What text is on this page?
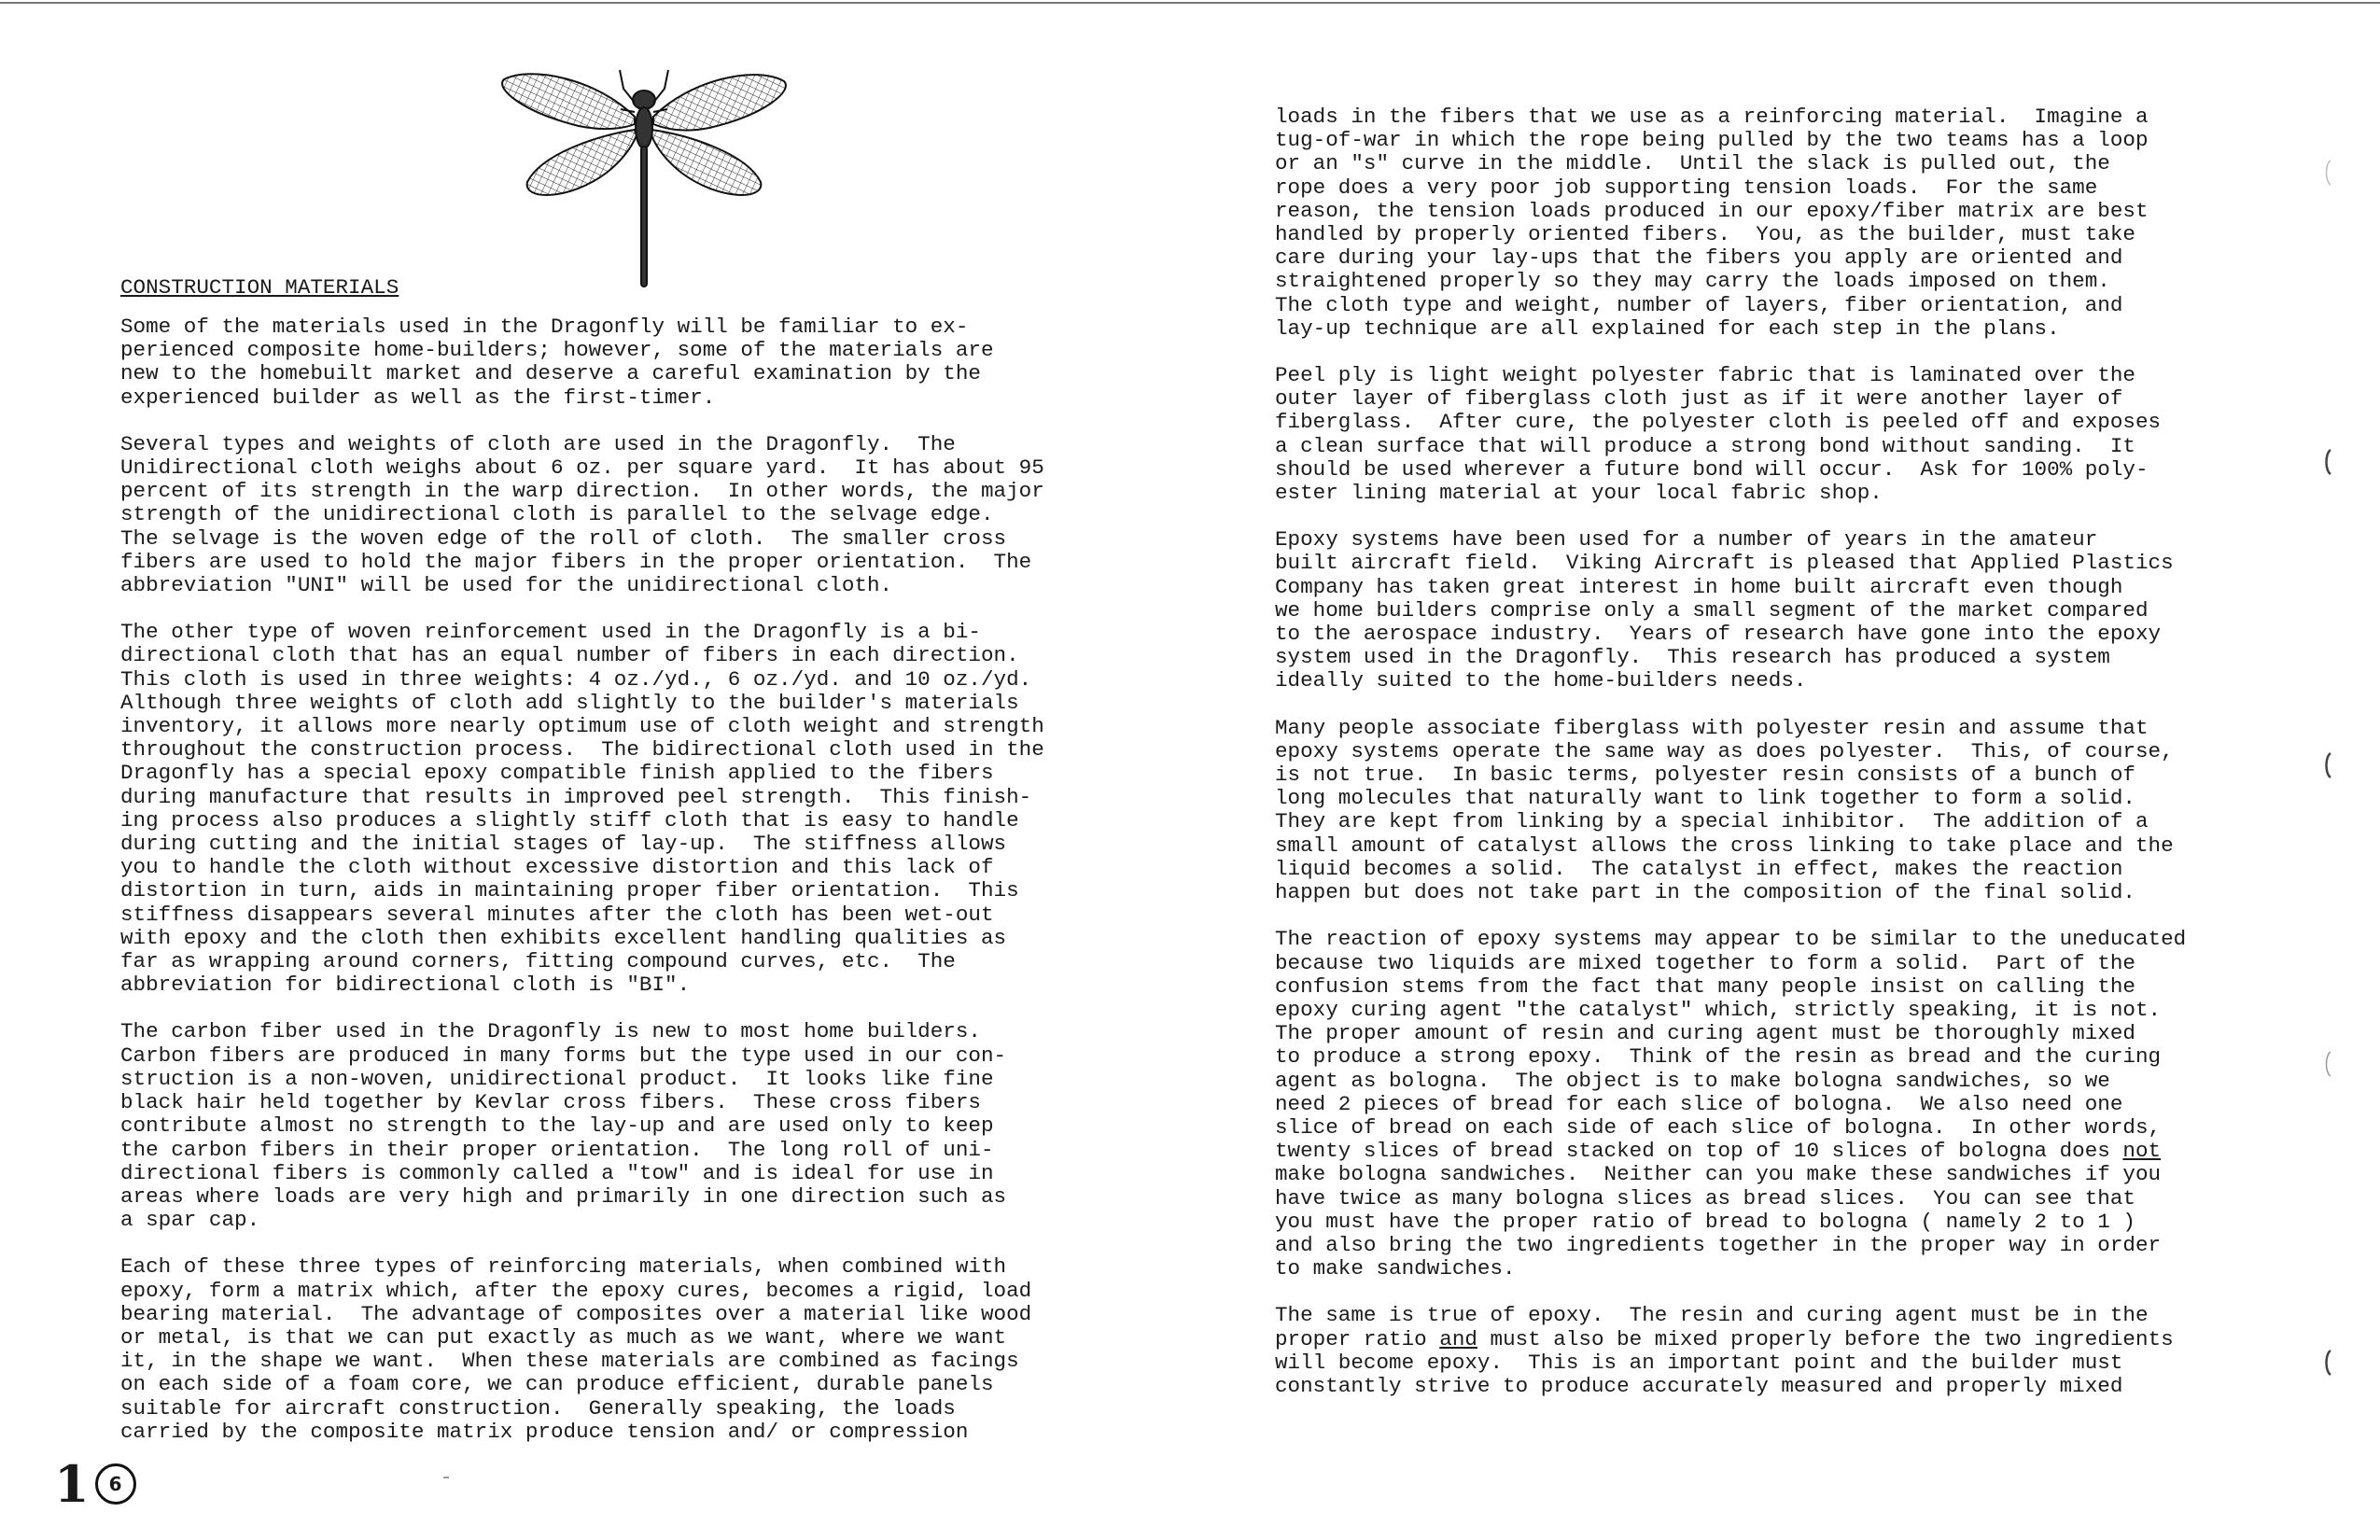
CONSTRUCTION MATERIALS

Some of the materials used in the Dragonfly will be familiar to ex-
perienced composite home-builders; however, some of the materials are
new to the homebuilt market and deserve a careful examination by the
experienced builder as well as the first-timer.

Several types and weights of cloth are used in the Dragonfly.  The
Unidirectional cloth weighs about 6 oz. per square yard.  It has about 95
percent of its strength in the warp direction.  In other words, the major
strength of the unidirectional cloth is parallel to the selvage edge.
The selvage is the woven edge of the roll of cloth.  The smaller cross
fibers are used to hold the major fibers in the proper orientation.  The
abbreviation "UNI" will be used for the unidirectional cloth.

The other type of woven reinforcement used in the Dragonfly is a bi-
directional cloth that has an equal number of fibers in each direction.
This cloth is used in three weights: 4 oz./yd., 6 oz./yd. and 10 oz./yd.
Although three weights of cloth add slightly to the builder's materials
inventory, it allows more nearly optimum use of cloth weight and strength
throughout the construction process.  The bidirectional cloth used in the
Dragonfly has a special epoxy compatible finish applied to the fibers
during manufacture that results in improved peel strength.  This finish-
ing process also produces a slightly stiff cloth that is easy to handle
during cutting and the initial stages of lay-up.  The stiffness allows
you to handle the cloth without excessive distortion and this lack of
distortion in turn, aids in maintaining proper fiber orientation.  This
stiffness disappears several minutes after the cloth has been wet-out
with epoxy and the cloth then exhibits excellent handling qualities as
far as wrapping around corners, fitting compound curves, etc.  The
abbreviation for bidirectional cloth is "BI".

The carbon fiber used in the Dragonfly is new to most home builders.
Carbon fibers are produced in many forms but the type used in our con-
struction is a non-woven, unidirectional product.  It looks like fine
black hair held together by Kevlar cross fibers.  These cross fibers
contribute almost no strength to the lay-up and are used only to keep
the carbon fibers in their proper orientation.  The long roll of uni-
directional fibers is commonly called a "tow" and is ideal for use in
areas where loads are very high and primarily in one direction such as
a spar cap.

Each of these three types of reinforcing materials, when combined with
epoxy, form a matrix which, after the epoxy cures, becomes a rigid, load
bearing material.  The advantage of composites over a material like wood
or metal, is that we can put exactly as much as we want, where we want
it, in the shape we want.  When these materials are combined as facings
on each side of a foam core, we can produce efficient, durable panels
suitable for aircraft construction.  Generally speaking, the loads
carried by the composite matrix produce tension and/ or compression

loads in the fibers that we use as a reinforcing material.  Imagine a
tug-of-war in which the rope being pulled by the two teams has a loop
or an "s" curve in the middle.  Until the slack is pulled out, the
rope does a very poor job supporting tension loads.  For the same
reason, the tension loads produced in our epoxy/fiber matrix are best
handled by properly oriented fibers.  You, as the builder, must take
care during your lay-ups that the fibers you apply are oriented and
straightened properly so they may carry the loads imposed on them.
The cloth type and weight, number of layers, fiber orientation, and
lay-up technique are all explained for each step in the plans.

Peel ply is light weight polyester fabric that is laminated over the
outer layer of fiberglass cloth just as if it were another layer of
fiberglass.  After cure, the polyester cloth is peeled off and exposes
a clean surface that will produce a strong bond without sanding.  It
should be used wherever a future bond will occur.  Ask for 100% poly-
ester lining material at your local fabric shop.

Epoxy systems have been used for a number of years in the amateur
built aircraft field.  Viking Aircraft is pleased that Applied Plastics
Company has taken great interest in home built aircraft even though
we home builders comprise only a small segment of the market compared
to the aerospace industry.  Years of research have gone into the epoxy
system used in the Dragonfly.  This research has produced a system
ideally suited to the home-builders needs.

Many people associate fiberglass with polyester resin and assume that
epoxy systems operate the same way as does polyester.  This, of course,
is not true.  In basic terms, polyester resin consists of a bunch of
long molecules that naturally want to link together to form a solid.
They are kept from linking by a special inhibitor.  The addition of a
small amount of catalyst allows the cross linking to take place and the
liquid becomes a solid.  The catalyst in effect, makes the reaction
happen but does not take part in the composition of the final solid.

The reaction of epoxy systems may appear to be similar to the uneducated
because two liquids are mixed together to form a solid.  Part of the
confusion stems from the fact that many people insist on calling the
epoxy curing agent "the catalyst" which, strictly speaking, it is not.
The proper amount of resin and curing agent must be thoroughly mixed
to produce a strong epoxy.  Think of the resin as bread and the curing
agent as bologna.  The object is to make bologna sandwiches, so we
need 2 pieces of bread for each slice of bologna.  We also need one
slice of bread on each side of each slice of bologna.  In other words,
twenty slices of bread stacked on top of 10 slices of bologna does not
make bologna sandwiches.  Neither can you make these sandwiches if you
have twice as many bologna slices as bread slices.  You can see that
you must have the proper ratio of bread to bologna ( namely 2 to 1 )
and also bring the two ingredients together in the proper way in order
to make sandwiches.

The same is true of epoxy.  The resin and curing agent must be in the
proper ratio and must also be mixed properly before the two ingredients
will become epoxy.  This is an important point and the builder must
constantly strive to produce accurately measured and properly mixed

1	6
